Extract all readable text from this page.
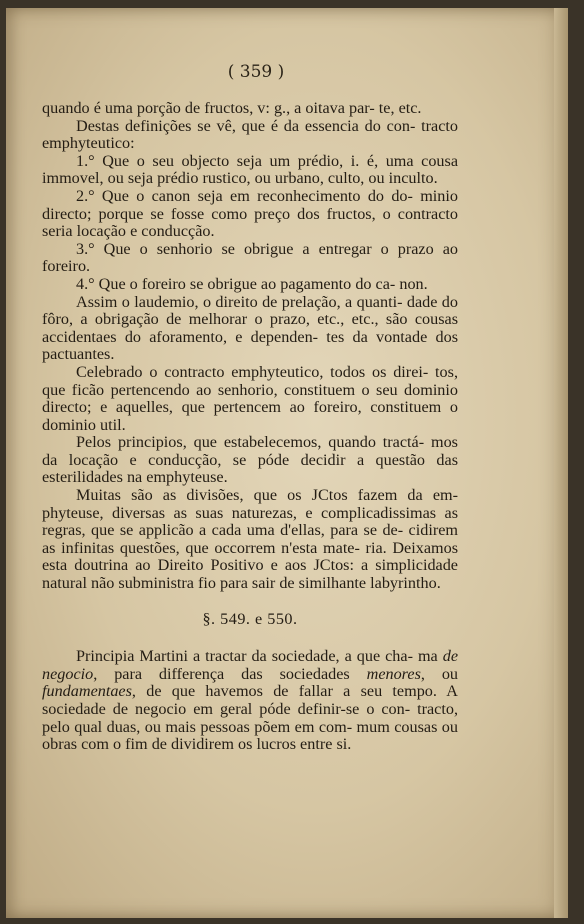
( 359 )

quando é uma porção de fructos, v: g., a oitava par- te, etc.

Destas definições se vê, que é da essencia do con- tracto emphyteutico:

1.° Que o seu objecto seja um prédio, i. é, uma cousa immovel, ou seja prédio rustico, ou urbano, culto, ou inculto.

2.° Que o canon seja em reconhecimento do do- minio directo; porque se fosse como preço dos fructos, o contracto seria locação e conducção.

3.° Que o senhorio se obrigue a entregar o prazo ao foreiro.

4.° Que o foreiro se obrigue ao pagamento do ca- non.

Assim o laudemio, o direito de prelação, a quanti- dade do fôro, a obrigação de melhorar o prazo, etc., etc., são cousas accidentaes do aforamento, e dependen- tes da vontade dos pactuantes.

Celebrado o contracto emphyteutico, todos os direi- tos, que ficão pertencendo ao senhorio, constituem o seu dominio directo; e aquelles, que pertencem ao foreiro, constituem o dominio util.

Pelos principios, que estabelecemos, quando tractá- mos da locação e conducção, se póde decidir a questão das esterilidades na emphyteuse.

Muitas são as divisões, que os JCtos fazem da em- phyteuse, diversas as suas naturezas, e complicadissimas as regras, que se applicão a cada uma d'ellas, para se de- cidirem as infinitas questões, que occorrem n'esta mate- ria. Deixamos esta doutrina ao Direito Positivo e aos JCtos: a simplicidade natural não subministra fio para sair de similhante labyrintho.

§. 549. e 550.

Principia Martini a tractar da sociedade, a que cha- ma de negocio, para differença das sociedades menores, ou fundamentaes, de que havemos de fallar a seu tempo. A sociedade de negocio em geral póde definir-se o con- tracto, pelo qual duas, ou mais pessoas põem em com- mum cousas ou obras com o fim de dividirem os lucros entre si.
